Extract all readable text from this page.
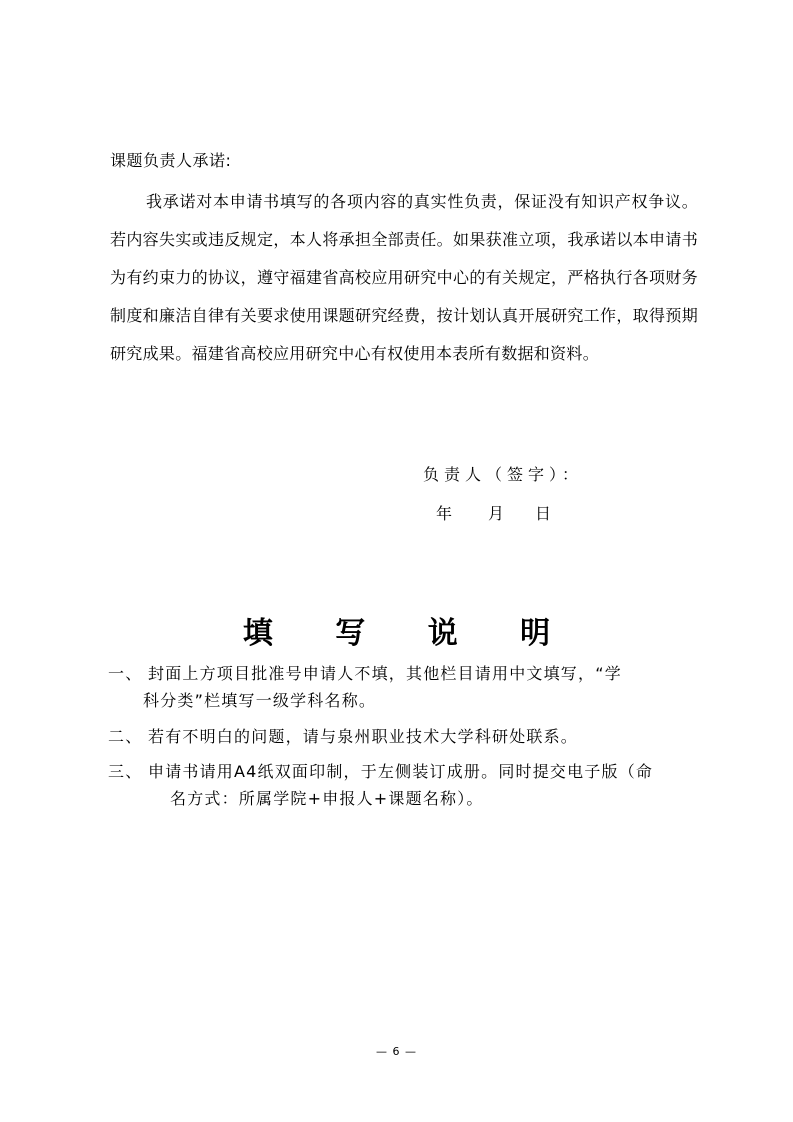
课题负责人承诺:
我承诺对本申请书填写的各项内容的真实性负责，保证没有知识产权争议。若内容失实或违反规定，本人将承担全部责任。如果获准立项，我承诺以本申请书为有约束力的协议，遵守福建省高校应用研究中心的有关规定，严格执行各项财务制度和廉洁自律有关要求使用课题研究经费，按计划认真开展研究工作，取得预期研究成果。福建省高校应用研究中心有权使用本表所有数据和资料。
负责人（签字）：
年	月	日
填 写 说 明
一、 封面上方项目批准号申请人不填，其他栏目请用中文填写，“学
科分类”栏填写一级学科名称。
二、 若有不明白的问题，请与泉州职业技术大学科研处联系。
三、 申请书请用A4纸双面印制，于左侧装订成册。同时提交电子版（命
名方式：所属学院+申报人+课题名称）。
— 6 —
